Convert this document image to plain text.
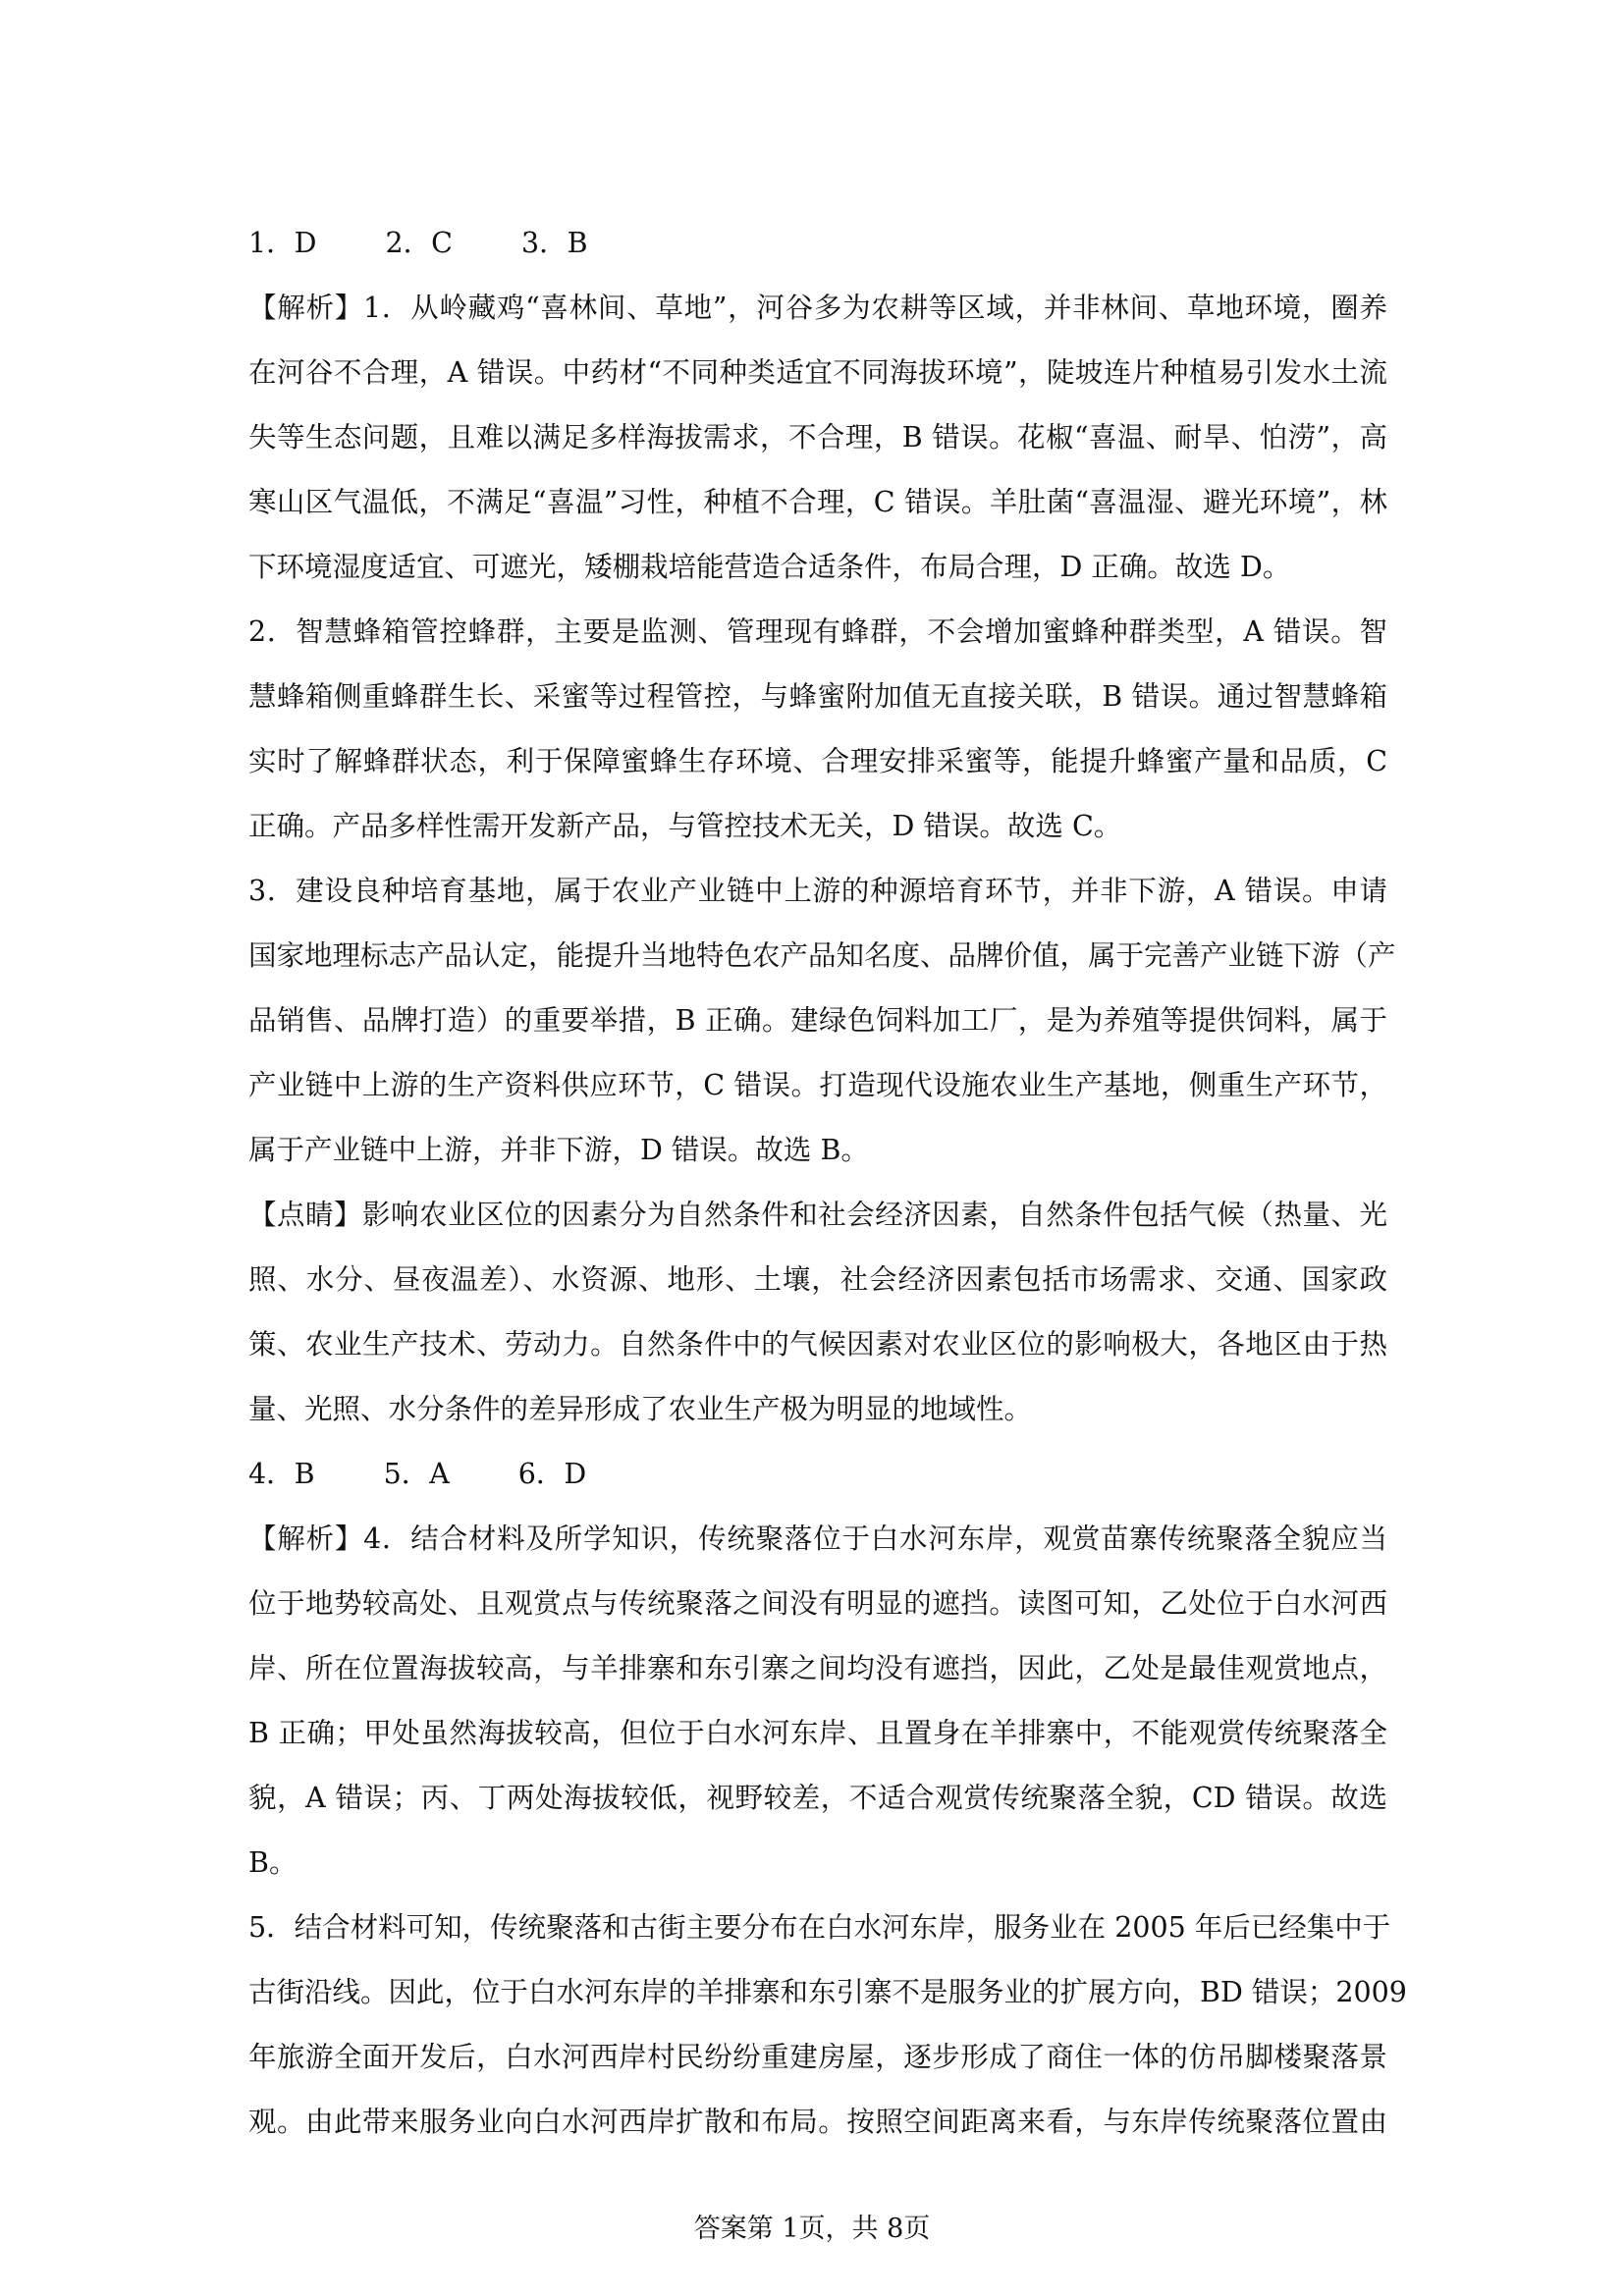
1．D 2．C 3．B
【解析】1．从岭藏鸡“喜林间、草地”，河谷多为农耕等区域，并非林间、草地环境，圈养
在河谷不合理，A 错误。中药材“不同种类适宜不同海拔环境”，陡坡连片种植易引发水土流
失等生态问题，且难以满足多样海拔需求，不合理，B 错误。花椒“喜温、耐旱、怕涝”，高
寒山区气温低，不满足“喜温”习性，种植不合理，C 错误。羊肚菌“喜温湿、避光环境”，林
下环境湿度适宜、可遮光，矮棚栽培能营造合适条件，布局合理，D 正确。故选 D。
2．智慧蜂箱管控蜂群，主要是监测、管理现有蜂群，不会增加蜜蜂种群类型，A 错误。智
慧蜂箱侧重蜂群生长、采蜜等过程管控，与蜂蜜附加值无直接关联，B 错误。通过智慧蜂箱
实时了解蜂群状态，利于保障蜜蜂生存环境、合理安排采蜜等，能提升蜂蜜产量和品质，C
正确。产品多样性需开发新产品，与管控技术无关，D 错误。故选 C。
3．建设良种培育基地，属于农业产业链中上游的种源培育环节，并非下游，A 错误。申请
国家地理标志产品认定，能提升当地特色农产品知名度、品牌价值，属于完善产业链下游（产
品销售、品牌打造）的重要举措，B 正确。建绿色饲料加工厂，是为养殖等提供饲料，属于
产业链中上游的生产资料供应环节，C 错误。打造现代设施农业生产基地，侧重生产环节，
属于产业链中上游，并非下游，D 错误。故选 B。
【点睛】影响农业区位的因素分为自然条件和社会经济因素，自然条件包括气候（热量、光
照、水分、昼夜温差）、水资源、地形、土壤，社会经济因素包括市场需求、交通、国家政
策、农业生产技术、劳动力。自然条件中的气候因素对农业区位的影响极大，各地区由于热
量、光照、水分条件的差异形成了农业生产极为明显的地域性。
4．B 5．A 6．D
【解析】4．结合材料及所学知识，传统聚落位于白水河东岸，观赏苗寨传统聚落全貌应当
位于地势较高处、且观赏点与传统聚落之间没有明显的遮挡。读图可知，乙处位于白水河西
岸、所在位置海拔较高，与羊排寨和东引寨之间均没有遮挡，因此，乙处是最佳观赏地点，
B 正确；甲处虽然海拔较高，但位于白水河东岸、且置身在羊排寨中，不能观赏传统聚落全
貌，A 错误；丙、丁两处海拔较低，视野较差，不适合观赏传统聚落全貌，CD 错误。故选
B。
5．结合材料可知，传统聚落和古街主要分布在白水河东岸，服务业在 2005 年后已经集中于
古街沿线。因此，位于白水河东岸的羊排寨和东引寨不是服务业的扩展方向，BD 错误；2009
年旅游全面开发后，白水河西岸村民纷纷重建房屋，逐步形成了商住一体的仿吊脚楼聚落景
观。由此带来服务业向白水河西岸扩散和布局。按照空间距离来看，与东岸传统聚落位置由
答案第 1页，共 8页
